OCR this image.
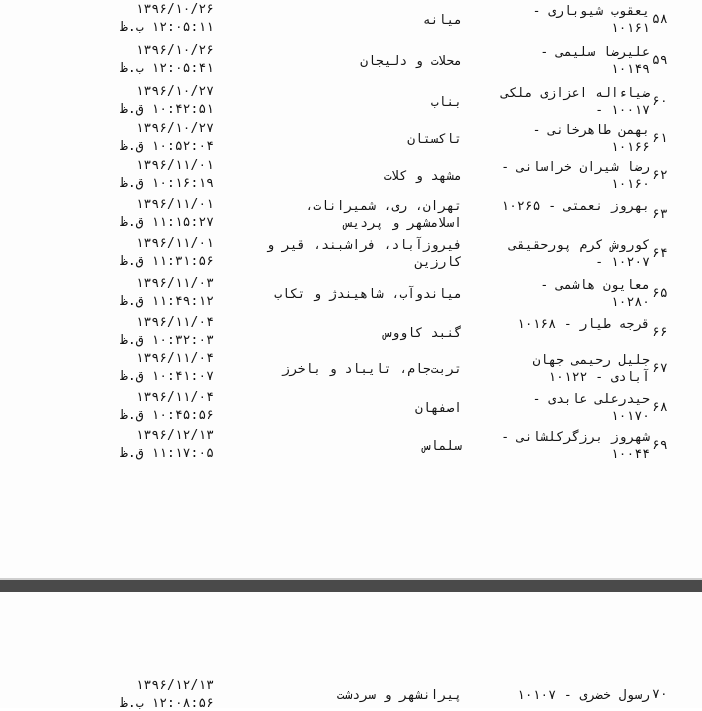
۱۳۹۶/۱۰/۲۶
۱۲:۰۵:۱۱ ب.ظ
۵۸
یعقوب شیوباری -
۱۰۱۶۱
میانه
۱۳۹۶/۱۰/۲۶
۱۲:۰۵:۴۱ ب.ظ
۵۹
علیرضا سلیمی -
۱۰۱۴۹
محلات و دلیجان
۱۳۹۶/۱۰/۲۷
۱۰:۴۲:۵۱ ق.ظ
۶۰
ضیاءاله اعزازی ملکی
- ۱۰۰۱۷
بناب
۱۳۹۶/۱۰/۲۷
۱۰:۵۲:۰۴ ق.ظ
۶۱
بهمن طاهرخانی -
۱۰۱۶۶
تاکستان
۱۳۹۶/۱۱/۰۱
۱۰:۱۶:۱۹ ق.ظ
۶۲
رضا شیران خراسانی -
۱۰۱۶۰
مشهد و کلات
۱۳۹۶/۱۱/۰۱
۱۱:۱۵:۲۷ ق.ظ
۶۳
بهروز نعمتی - ۱۰۲۶۵
تهران، ری، شمیرانات،
اسلامشهر و پردیس
۱۳۹۶/۱۱/۰۱
۱۱:۳۱:۵۶ ق.ظ
۶۴
کوروش کرم پورحقیقی
- ۱۰۲۰۷
فیروزآباد، فراشبند، قیر و
کارزین
۱۳۹۶/۱۱/۰۳
۱۱:۴۹:۱۲ ق.ظ
۶۵
معایون هاشمی -
۱۰۲۸۰
میاندوآب، شاهیندژ و تکاب
۱۳۹۶/۱۱/۰۴
۱۰:۳۲:۰۳ ق.ظ
۶۶
قرجه طیار - ۱۰۱۶۸
گنبد کاووس
۱۳۹۶/۱۱/۰۴
۱۰:۴۱:۰۷ ق.ظ
۶۷
جلیل رحیمی جهان
آبادی - ۱۰۱۲۲
تربت‌جام، تایباد و باخرز
۱۳۹۶/۱۱/۰۴
۱۰:۴۵:۵۶ ق.ظ
۶۸
حیدرعلی عابدی -
۱۰۱۷۰
اصفهان
۱۳۹۶/۱۲/۱۳
۱۱:۱۷:۰۵ ق.ظ
۶۹
شهروز برزگرکلشانی -
۱۰۰۴۴
سلماس
۱۳۹۶/۱۲/۱۳
۱۲:۰۸:۵۶ ب.ظ
۷۰
رسول خضری - ۱۰۱۰۷
پیرانشهر و سردشت
